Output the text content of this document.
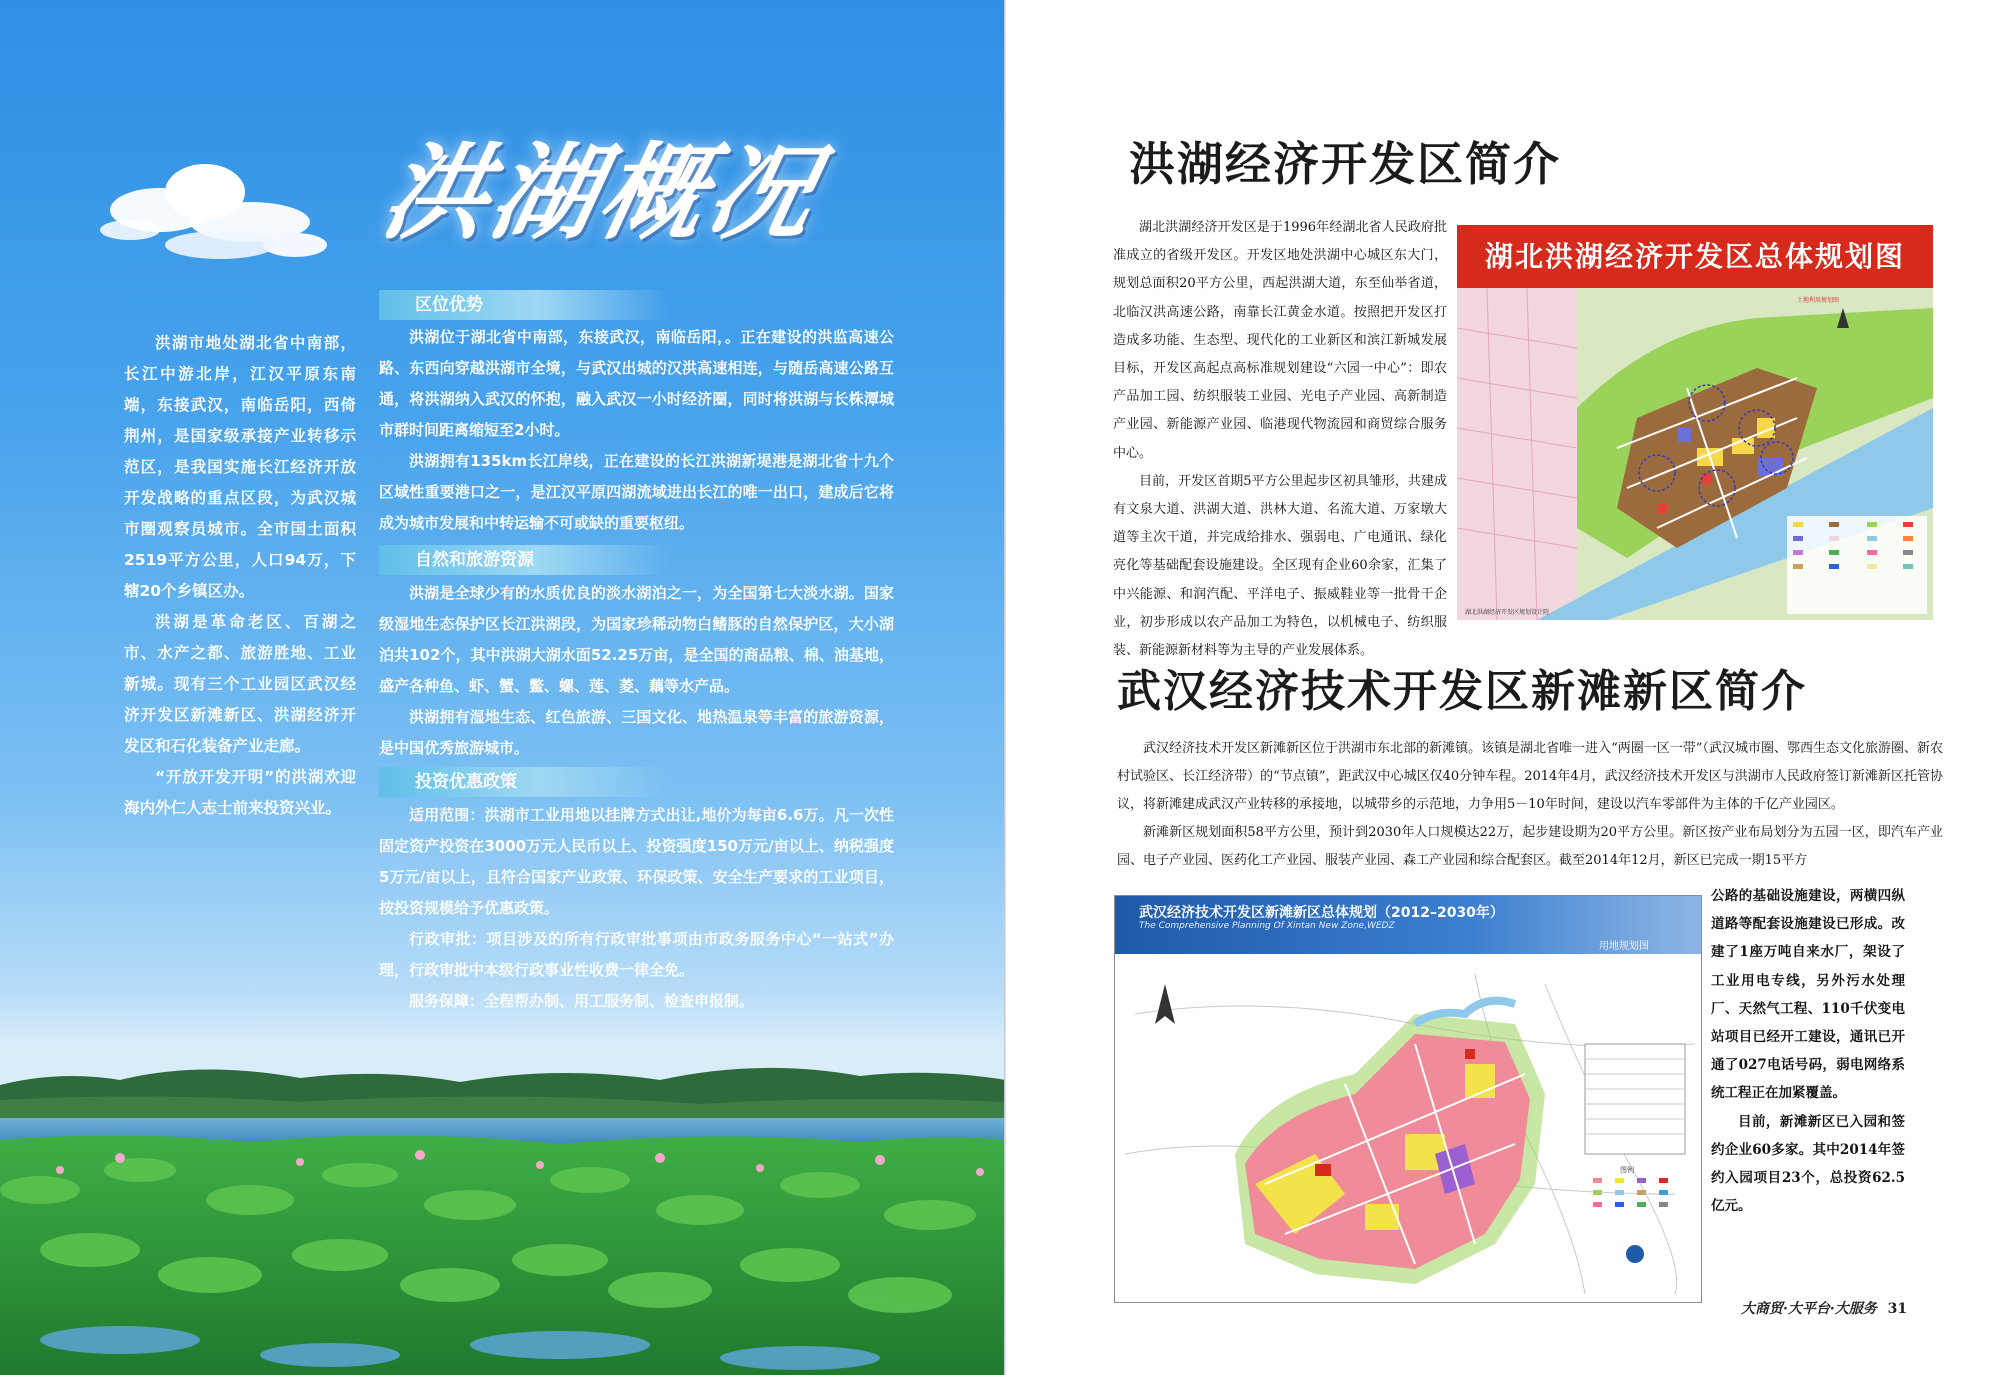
洪湖概况

洪湖市地处湖北省中南部，长江中游北岸，江汉平原东南端，东接武汉，南临岳阳，西倚荆州，是国家级承接产业转移示范区，是我国实施长江经济开放开发战略的重点区段，为武汉城市圈观察员城市。全市国土面积2519平方公里，人口94万，下辖20个乡镇区办。

洪湖是革命老区、百湖之市、水产之都、旅游胜地、工业新城。现有三个工业园区武汉经济开发区新滩新区、洪湖经济开发区和石化装备产业走廊。

“开放开发开明”的洪湖欢迎海内外仁人志士前来投资兴业。

区位优势

洪湖位于湖北省中南部，东接武汉，南临岳阳，。正在建设的洪监高速公路、东西向穿越洪湖市全境，与武汉出城的汉洪高速相连，与随岳高速公路互通，将洪湖纳入武汉的怀抱，融入武汉一小时经济圈，同时将洪湖与长株潭城市群时间距离缩短至2小时。

洪湖拥有135km长江岸线，正在建设的长江洪湖新堤港是湖北省十九个区域性重要港口之一，是江汉平原四湖流域进出长江的唯一出口，建成后它将成为城市发展和中转运输不可或缺的重要枢纽。

自然和旅游资源

洪湖是全球少有的水质优良的淡水湖泊之一，为全国第七大淡水湖。国家级湿地生态保护区长江洪湖段，为国家珍稀动物白鳍豚的自然保护区，大小湖泊共102个，其中洪湖大湖水面52.25万亩，是全国的商品粮、棉、油基地，盛产各种鱼、虾、蟹、鳖、螺、莲、菱、藕等水产品。

洪湖拥有湿地生态、红色旅游、三国文化、地热温泉等丰富的旅游资源，是中国优秀旅游城市。

投资优惠政策

适用范围：洪湖市工业用地以挂牌方式出让,地价为每亩6.6万。凡一次性固定资产投资在3000万元人民币以上、投资强度150万元/亩以上、纳税强度5万元/亩以上，且符合国家产业政策、环保政策、安全生产要求的工业项目，按投资规模给予优惠政策。

行政审批：项目涉及的所有行政审批事项由市政务服务中心“一站式”办理，行政审批中本级行政事业性收费一律全免。

服务保障：全程帮办制、用工服务制、检查申报制。

洪湖经济开发区简介

湖北洪湖经济开发区是于1996年经湖北省人民政府批准成立的省级开发区。开发区地处洪湖中心城区东大门，规划总面积20平方公里，西起洪湖大道，东至仙举省道，北临汉洪高速公路，南靠长江黄金水道。按照把开发区打造成多功能、生态型、现代化的工业新区和滨江新城发展目标，开发区高起点高标准规划建设“六园一中心”：即农产品加工园、纺织服装工业园、光电子产业园、高新制造产业园、新能源产业园、临港现代物流园和商贸综合服务中心。

目前，开发区首期5平方公里起步区初具雏形，共建成有文泉大道、洪湖大道、洪林大道、名流大道、万家墩大道等主次干道，并完成给排水、强弱电、广电通讯、绿化亮化等基础配套设施建设。全区现有企业60余家，汇集了中兴能源、和润汽配、平洋电子、振威鞋业等一批骨干企业，初步形成以农产品加工为特色，以机械电子、纺织服装、新能源新材料等为主导的产业发展体系。

湖北洪湖经济开发区总体规划图
土地利用规划图
湖北洪湖经济开发区规划设计院
武汉经济技术开发区新滩新区简介

武汉经济技术开发区新滩新区位于洪湖市东北部的新滩镇。该镇是湖北省唯一进入“两圈一区一带”（武汉城市圈、鄂西生态文化旅游圈、新农村试验区、长江经济带）的“节点镇”，距武汉中心城区仅40分钟车程。2014年4月，武汉经济技术开发区与洪湖市人民政府签订新滩新区托管协议，将新滩建成武汉产业转移的承接地，以城带乡的示范地，力争用5－10年时间，建设以汽车零部件为主体的千亿产业园区。

新滩新区规划面积58平方公里，预计到2030年人口规模达22万，起步建设期为20平方公里。新区按产业布局划分为五园一区，即汽车产业园、电子产业园、医药化工产业园、服装产业园、森工产业园和综合配套区。截至2014年12月，新区已完成一期15平方

武汉经济技术开发区新滩新区总体规划（2012–2030年）
The Comprehensive Planning Of Xintan New Zone,WEDZ
用地规划图
图例

公路的基础设施建设，两横四纵道路等配套设施建设已形成。改建了1座万吨自来水厂，架设了工业用电专线，另外污水处理厂、天然气工程、110千伏变电站项目已经开工建设，通讯已开通了027电话号码，弱电网络系统工程正在加紧覆盖。

目前，新滩新区已入园和签约企业60多家。其中2014年签约入园项目23个，总投资62.5亿元。

大商贸·大平台·大服务 31
